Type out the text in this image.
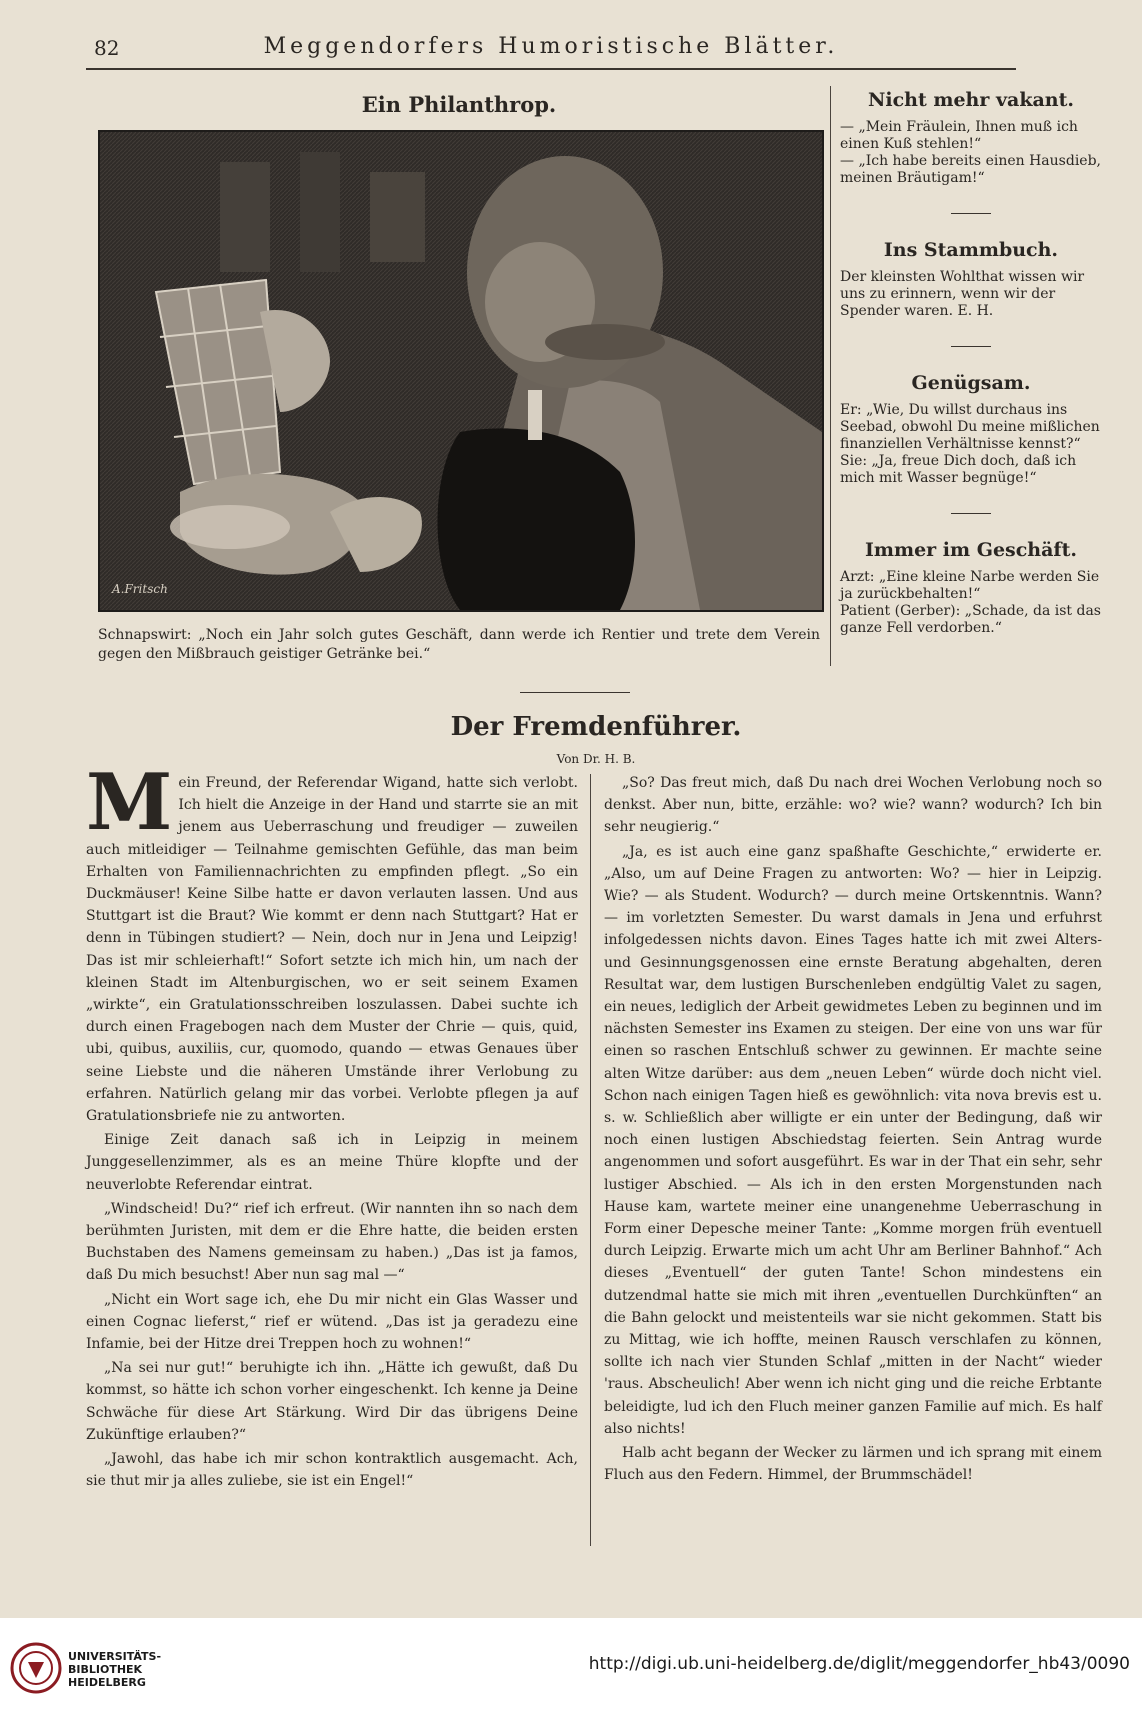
82	Meggendorfers Humoristische Blätter.
Ein Philanthrop.
A.Fritsch
Schnapswirt: „Noch ein Jahr solch gutes Geschäft, dann werde ich Rentier und trete dem Verein gegen den Mißbrauch geistiger Getränke bei.“
Nicht mehr vakant.
— „Mein Fräulein, Ihnen muß ich einen Kuß stehlen!“
— „Ich habe bereits einen Hausdieb, meinen Bräutigam!“
Ins Stammbuch.
Der kleinsten Wohlthat wissen wir uns zu erinnern, wenn wir der Spender waren. E. H.
Genügsam.
Er: „Wie, Du willst durchaus ins Seebad, obwohl Du meine mißlichen finanziellen Verhältnisse kennst?“
Sie: „Ja, freue Dich doch, daß ich mich mit Wasser begnüge!“
Immer im Geschäft.
Arzt: „Eine kleine Narbe werden Sie ja zurückbehalten!“
Patient (Gerber): „Schade, da ist das ganze Fell verdorben.“
Der Fremdenführer.
Von Dr. H. B.

Mein Freund, der Referendar Wigand, hatte sich verlobt. Ich hielt die Anzeige in der Hand und starrte sie an mit jenem aus Ueberraschung und freudiger — zuweilen auch mitleidiger — Teilnahme gemischten Gefühle, das man beim Erhalten von Familiennachrichten zu empfinden pflegt. „So ein Duckmäuser! Keine Silbe hatte er davon verlauten lassen. Und aus Stuttgart ist die Braut? Wie kommt er denn nach Stuttgart? Hat er denn in Tübingen studiert? — Nein, doch nur in Jena und Leipzig! Das ist mir schleierhaft!“ Sofort setzte ich mich hin, um nach der kleinen Stadt im Altenburgischen, wo er seit seinem Examen „wirkte“, ein Gratulationsschreiben loszulassen. Dabei suchte ich durch einen Fragebogen nach dem Muster der Chrie — quis, quid, ubi, quibus, auxiliis, cur, quomodo, quando — etwas Genaues über seine Liebste und die näheren Umstände ihrer Verlobung zu erfahren. Natürlich gelang mir das vorbei. Verlobte pflegen ja auf Gratulationsbriefe nie zu antworten.

Einige Zeit danach saß ich in Leipzig in meinem Junggesellenzimmer, als es an meine Thüre klopfte und der neuverlobte Referendar eintrat.

„Windscheid! Du?“ rief ich erfreut. (Wir nannten ihn so nach dem berühmten Juristen, mit dem er die Ehre hatte, die beiden ersten Buchstaben des Namens gemeinsam zu haben.) „Das ist ja famos, daß Du mich besuchst! Aber nun sag mal —“

„Nicht ein Wort sage ich, ehe Du mir nicht ein Glas Wasser und einen Cognac lieferst,“ rief er wütend. „Das ist ja geradezu eine Infamie, bei der Hitze drei Treppen hoch zu wohnen!“

„Na sei nur gut!“ beruhigte ich ihn. „Hätte ich gewußt, daß Du kommst, so hätte ich schon vorher eingeschenkt. Ich kenne ja Deine Schwäche für diese Art Stärkung. Wird Dir das übrigens Deine Zukünftige erlauben?“

„Jawohl, das habe ich mir schon kontraktlich ausgemacht. Ach, sie thut mir ja alles zuliebe, sie ist ein Engel!“

„So? Das freut mich, daß Du nach drei Wochen Verlobung noch so denkst. Aber nun, bitte, erzähle: wo? wie? wann? wodurch? Ich bin sehr neugierig.“

„Ja, es ist auch eine ganz spaßhafte Geschichte,“ erwiderte er. „Also, um auf Deine Fragen zu antworten: Wo? — hier in Leipzig. Wie? — als Student. Wodurch? — durch meine Ortskenntnis. Wann? — im vorletzten Semester. Du warst damals in Jena und erfuhrst infolgedessen nichts davon. Eines Tages hatte ich mit zwei Alters- und Gesinnungsgenossen eine ernste Beratung abgehalten, deren Resultat war, dem lustigen Burschenleben endgültig Valet zu sagen, ein neues, lediglich der Arbeit gewidmetes Leben zu beginnen und im nächsten Semester ins Examen zu steigen. Der eine von uns war für einen so raschen Entschluß schwer zu gewinnen. Er machte seine alten Witze darüber: aus dem „neuen Leben“ würde doch nicht viel. Schon nach einigen Tagen hieß es gewöhnlich: vita nova brevis est u. s. w. Schließlich aber willigte er ein unter der Bedingung, daß wir noch einen lustigen Abschiedstag feierten. Sein Antrag wurde angenommen und sofort ausgeführt. Es war in der That ein sehr, sehr lustiger Abschied. — Als ich in den ersten Morgenstunden nach Hause kam, wartete meiner eine unangenehme Ueberraschung in Form einer Depesche meiner Tante: „Komme morgen früh eventuell durch Leipzig. Erwarte mich um acht Uhr am Berliner Bahnhof.“ Ach dieses „Eventuell“ der guten Tante! Schon mindestens ein dutzendmal hatte sie mich mit ihren „eventuellen Durchkünften“ an die Bahn gelockt und meistenteils war sie nicht gekommen. Statt bis zu Mittag, wie ich hoffte, meinen Rausch verschlafen zu können, sollte ich nach vier Stunden Schlaf „mitten in der Nacht“ wieder 'raus. Abscheulich! Aber wenn ich nicht ging und die reiche Erbtante beleidigte, lud ich den Fluch meiner ganzen Familie auf mich. Es half also nichts!

Halb acht begann der Wecker zu lärmen und ich sprang mit einem Fluch aus den Federn. Himmel, der Brummschädel!

UNIVERSITÄTS-
BIBLIOTHEK
HEIDELBERG
http://digi.ub.uni-heidelberg.de/diglit/meggendorfer_hb43/0090
